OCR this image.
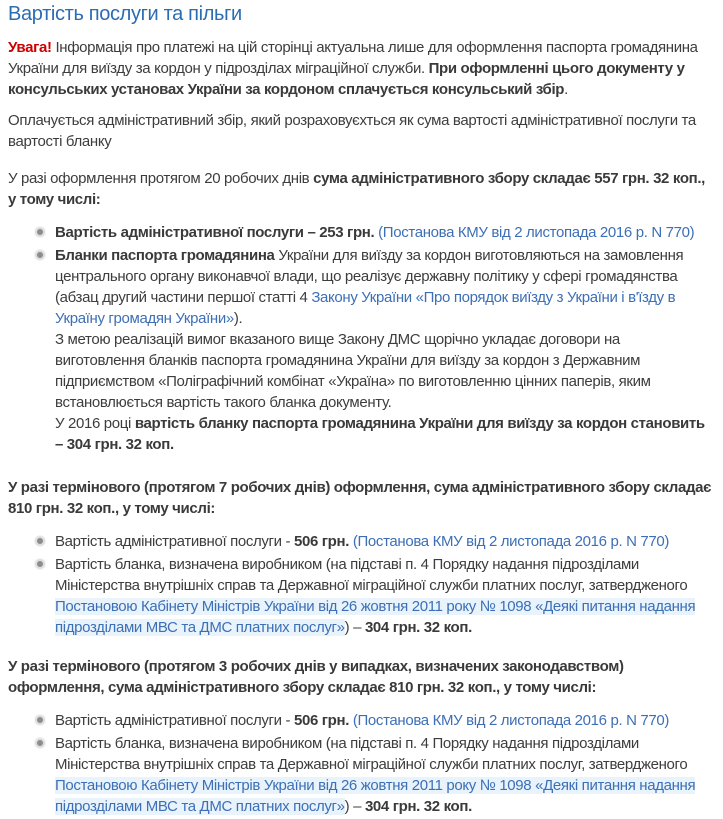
Вартість послуги та пільги

Увага! Інформація про платежі на цій сторінці актуальна лише для оформлення паспорта громадянина України для виїзду за кордон у підрозділах міграційної служби. При оформленні цього документу у консульських установах України за кордоном сплачується консульський збір.

Оплачується адміністративний збір, який розраховуєхться як сума вартості адміністративної послуги та вартості бланку

У разі оформлення протягом 20 робочих днів сума адміністративного збору складає 557 грн. 32 коп., у тому числі:

Вартість адміністративної послуги – 253 грн. (Постанова КМУ від 2 листопада 2016 р. N 770)
Бланки паспорта громадянина України для виїзду за кордон виготовляються на замовлення центрального органу виконавчої влади, що реалізує державну політику у сфері громадянства (абзац другий частини першої статті 4 Закону України «Про порядок виїзду з України і в'їзду в Україну громадян України»).
З метою реалізацій вимог вказаного вище Закону ДМС щорічно укладає договори на виготовлення бланків паспорта громадянина України для виїзду за кордон з Державним підприємством «Поліграфічний комбінат «Україна» по виготовленню цінних паперів, яким встановлюється вартість такого бланка документу.
У 2016 році вартість бланку паспорта громадянина України для виїзду за кордон становить – 304 грн. 32 коп.

У разі термінового (протягом 7 робочих днів) оформлення, сума адміністративного збору складає 810 грн. 32 коп., у тому числі:

Вартість адміністративної послуги - 506 грн. (Постанова КМУ від 2 листопада 2016 р. N 770)
Вартість бланка, визначена виробником (на підставі п. 4 Порядку надання підрозділами Міністерства внутрішніх справ та Державної міграційної служби платних послуг, затвердженого Постановою Кабінету Міністрів України від 26 жовтня 2011 року № 1098 «Деякі питання надання підрозділами МВС та ДМС платних послуг») – 304 грн. 32 коп.

У разі термінового (протягом 3 робочих днів у випадках, визначених законодавством) оформлення, сума адміністративного збору складає 810 грн. 32 коп., у тому числі:

Вартість адміністративної послуги - 506 грн. (Постанова КМУ від 2 листопада 2016 р. N 770)
Вартість бланка, визначена виробником (на підставі п. 4 Порядку надання підрозділами Міністерства внутрішніх справ та Державної міграційної служби платних послуг, затвердженого Постановою Кабінету Міністрів України від 26 жовтня 2011 року № 1098 «Деякі питання надання підрозділами МВС та ДМС платних послуг») – 304 грн. 32 коп.
